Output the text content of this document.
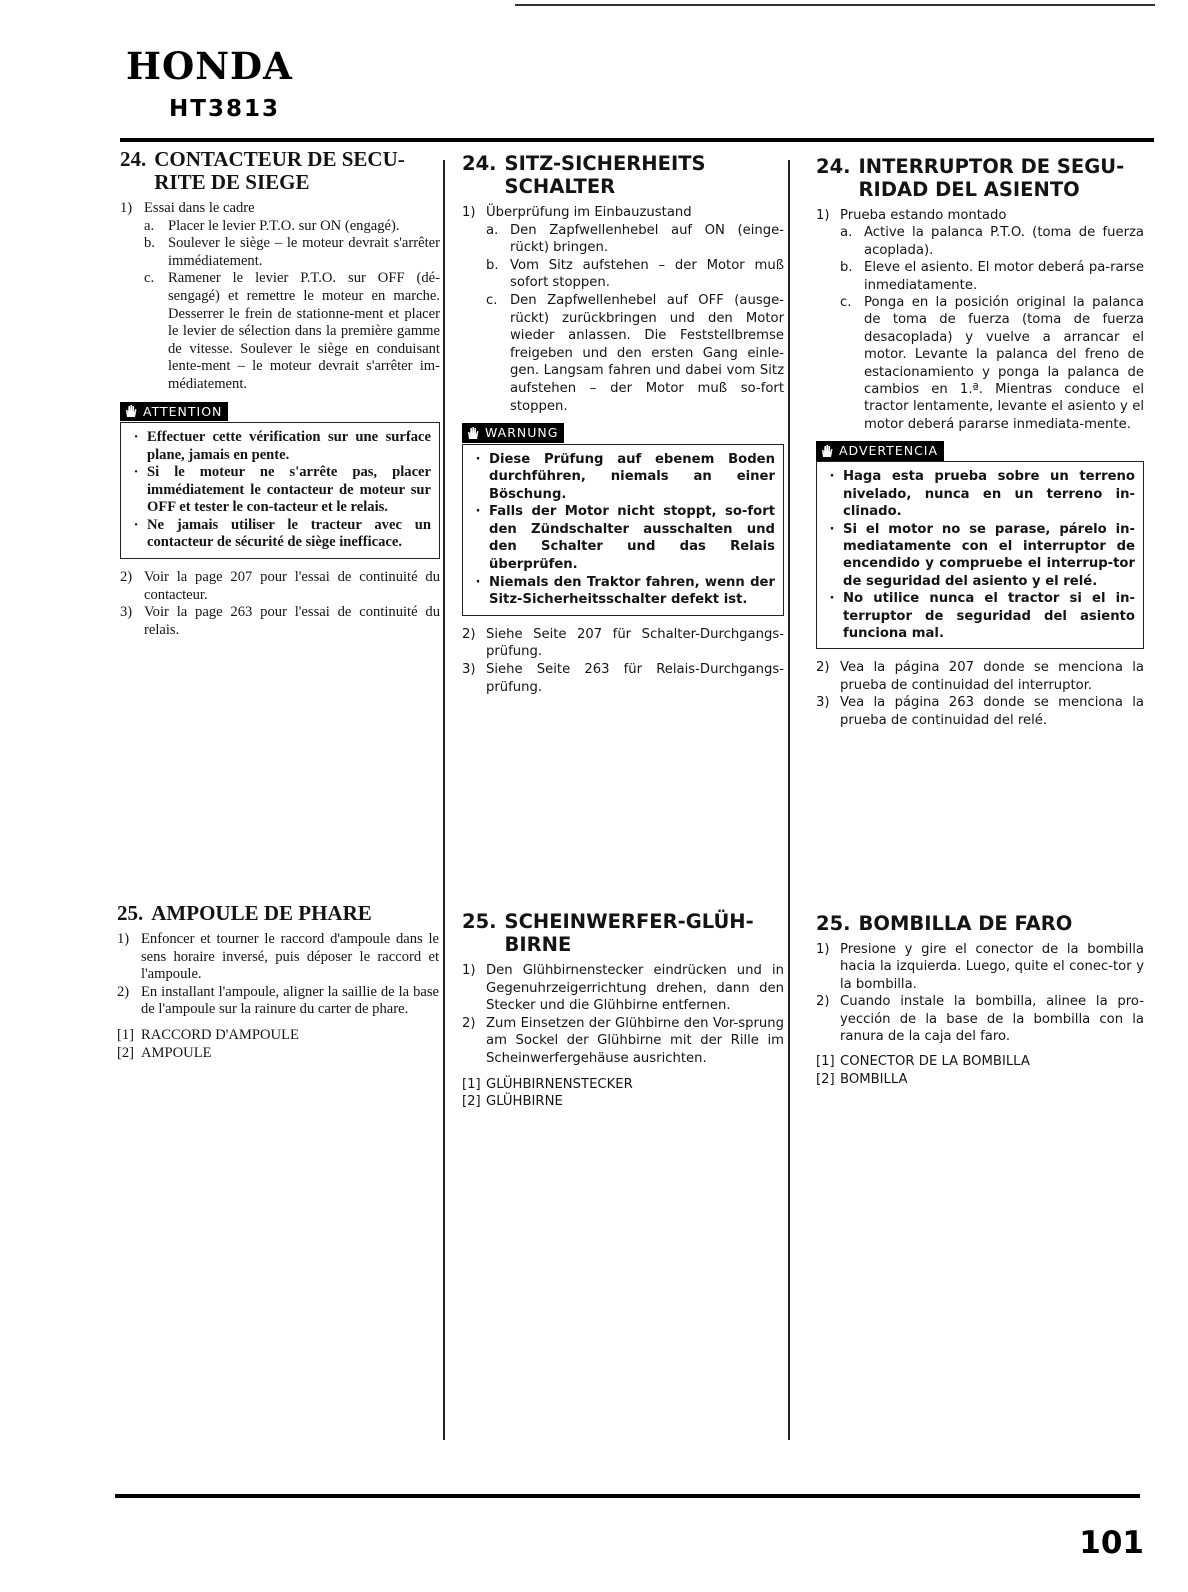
HONDA
HT3813
24. CONTACTEUR DE SECU-RITE DE SIEGE
1) Essai dans le cadre
a. Placer le levier P.T.O. sur ON (engagé).
b. Soulever le siège – le moteur devrait s'arrêter immédiatement.
c. Ramener le levier P.T.O. sur OFF (dé-sengagé) et remettre le moteur en marche. Desserrer le frein de stationne-ment et placer le levier de sélection dans la première gamme de vitesse. Soulever le siège en conduisant lente-ment – le moteur devrait s'arrêter im-médiatement.
ATTENTION
· Effectuer cette vérification sur une surface plane, jamais en pente.
· Si le moteur ne s'arrête pas, placer immédiatement le contacteur de moteur sur OFF et tester le con-tacteur et le relais.
· Ne jamais utiliser le tracteur avec un contacteur de sécurité de siège inefficace.
2) Voir la page 207 pour l'essai de continuité du contacteur.
3) Voir la page 263 pour l'essai de continuité du relais.
25. AMPOULE DE PHARE
1) Enfoncer et tourner le raccord d'ampoule dans le sens horaire inversé, puis déposer le raccord et l'ampoule.
2) En installant l'ampoule, aligner la saillie de la base de l'ampoule sur la rainure du carter de phare.
[1] RACCORD D'AMPOULE
[2] AMPOULE
24. SITZ-SICHERHEITS SCHALTER
1) Überprüfung im Einbauzustand
a. Den Zapfwellenhebel auf ON (einge-rückt) bringen.
b. Vom Sitz aufstehen – der Motor muß sofort stoppen.
c. Den Zapfwellenhebel auf OFF (ausge-rückt) zurückbringen und den Motor wieder anlassen. Die Feststellbremse freigeben und den ersten Gang einle-gen. Langsam fahren und dabei vom Sitz aufstehen – der Motor muß so-fort stoppen.
WARNUNG
· Diese Prüfung auf ebenem Boden durchführen, niemals an einer Böschung.
· Falls der Motor nicht stoppt, so-fort den Zündschalter ausschalten und den Schalter und das Relais überprüfen.
· Niemals den Traktor fahren, wenn der Sitz-Sicherheitsschalter defekt ist.
2) Siehe Seite 207 für Schalter-Durchgangs-prüfung.
3) Siehe Seite 263 für Relais-Durchgangs-prüfung.
25. SCHEINWERFER-GLÜH-BIRNE
1) Den Glühbirnenstecker eindrücken und in Gegenuhrzeigerrichtung drehen, dann den Stecker und die Glühbirne entfernen.
2) Zum Einsetzen der Glühbirne den Vor-sprung am Sockel der Glühbirne mit der Rille im Scheinwerfergehäuse ausrichten.
[1] GLÜHBIRNENSTECKER
[2] GLÜHBIRNE
24. INTERRUPTOR DE SEGU-RIDAD DEL ASIENTO
1) Prueba estando montado
a. Active la palanca P.T.O. (toma de fuerza acoplada).
b. Eleve el asiento. El motor deberá pa-rarse inmediatamente.
c. Ponga en la posición original la palanca de toma de fuerza (toma de fuerza desacoplada) y vuelve a arrancar el motor. Levante la palanca del freno de estacionamiento y ponga la palanca de cambios en 1.ª. Mientras conduce el tractor lentamente, levante el asiento y el motor deberá pararse inmediata-mente.
ADVERTENCIA
· Haga esta prueba sobre un terreno nivelado, nunca en un terreno in-clinado.
· Si el motor no se parase, párelo in-mediatamente con el interruptor de encendido y compruebe el interrup-tor de seguridad del asiento y el relé.
· No utilice nunca el tractor si el in-terruptor de seguridad del asiento funciona mal.
2) Vea la página 207 donde se menciona la prueba de continuidad del interruptor.
3) Vea la página 263 donde se menciona la prueba de continuidad del relé.
25. BOMBILLA DE FARO
1) Presione y gire el conector de la bombilla hacia la izquierda. Luego, quite el conec-tor y la bombilla.
2) Cuando instale la bombilla, alinee la pro-yección de la base de la bombilla con la ranura de la caja del faro.
[1] CONECTOR DE LA BOMBILLA
[2] BOMBILLA
101
